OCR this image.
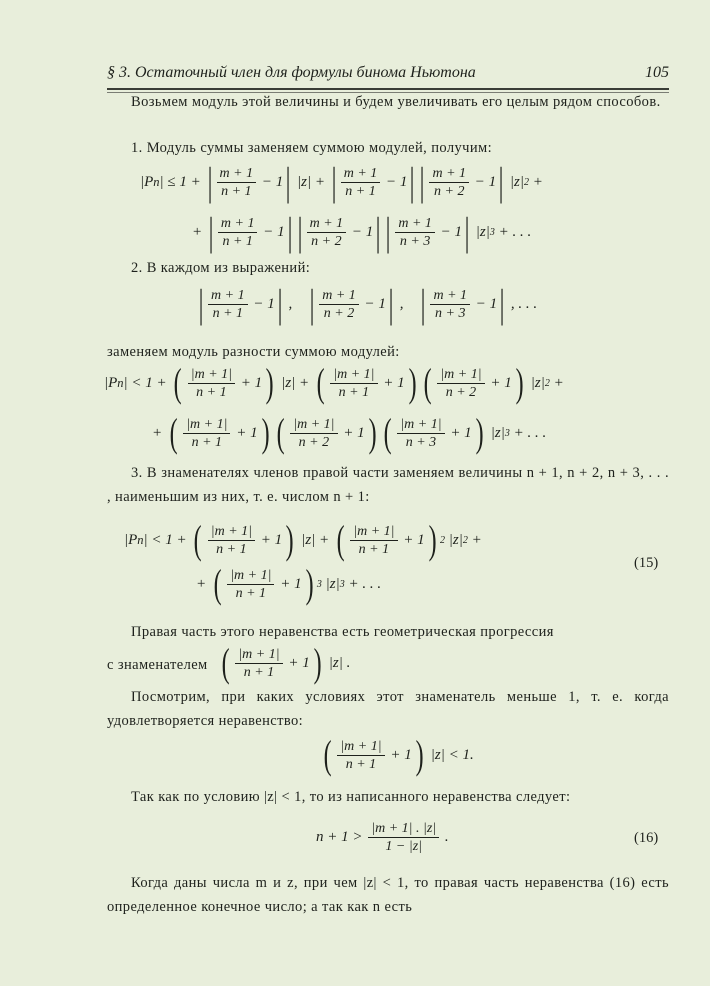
§ 3. Остаточный член для формулы бинома Ньютона	105
Возьмем модуль этой величины и будем увеличивать его целым рядом способов.
1. Модуль суммы заменяем суммою модулей, получим:
|P n | ≤ 1 + | $\frac{m + 1}{n + 1} - 1$ | |z| + | $\frac{m + 1}{n + 1} - 1$ | | $\frac{m + 1}{n + 2} - 1$ | |z| 2 +
+ | $\frac{m + 1}{n + 1} - 1$ | | $\frac{m + 1}{n + 2} - 1$ | | $\frac{m + 1}{n + 3} - 1$ | |z| 3 + . . .
2. В каждом из выражений:
| $\frac{m + 1}{n + 1} - 1$ | , | $\frac{m + 1}{n + 2} - 1$ | , | $\frac{m + 1}{n + 3} - 1$ | , . . .
заменяем модуль разности суммою модулей:
|P n | < 1 + ( $\frac{|m + 1|}{n + 1} + 1$ ) |z| + ( $\frac{|m + 1|}{n + 1} + 1$ ) ( $\frac{|m + 1|}{n + 2} + 1$ ) |z| 2 +
+ ( $\frac{|m + 1|}{n + 1} + 1$ ) ( $\frac{|m + 1|}{n + 2} + 1$ ) ( $\frac{|m + 1|}{n + 3} + 1$ ) |z| 3 + . . .
3. В знаменателях членов правой части заменяем величины n + 1, n + 2, n + 3, . . . , наименьшим из них, т. е. числом n + 1:
|P n | < 1 + ( $\frac{|m + 1|}{n + 1} + 1$ ) |z| + ( $\frac{|m + 1|}{n + 1} + 1$ ) 2 |z| 2 +
+ ( $\frac{|m + 1|}{n + 1} + 1$ ) 3 |z| 3 + . . .
(15)
Правая часть этого неравенства есть геометрическая прогрессия
с знаменателем ( $\frac{|m + 1|}{n + 1} + 1$ ) |z| .
Посмотрим, при каких условиях этот знаменатель меньше 1, т. е. когда удовлетворяется неравенство:
( $\frac{|m + 1|}{n + 1} + 1$ ) |z| < 1.
Так как по условию |z| < 1, то из написанного неравенства следует:
$n + 1 > \frac{|m + 1| . |z|}{1 - |z|}$ .	(16)
Когда даны числа m и z, при чем |z| < 1, то правая часть неравенства (16) есть определенное конечное число; а так как n есть
